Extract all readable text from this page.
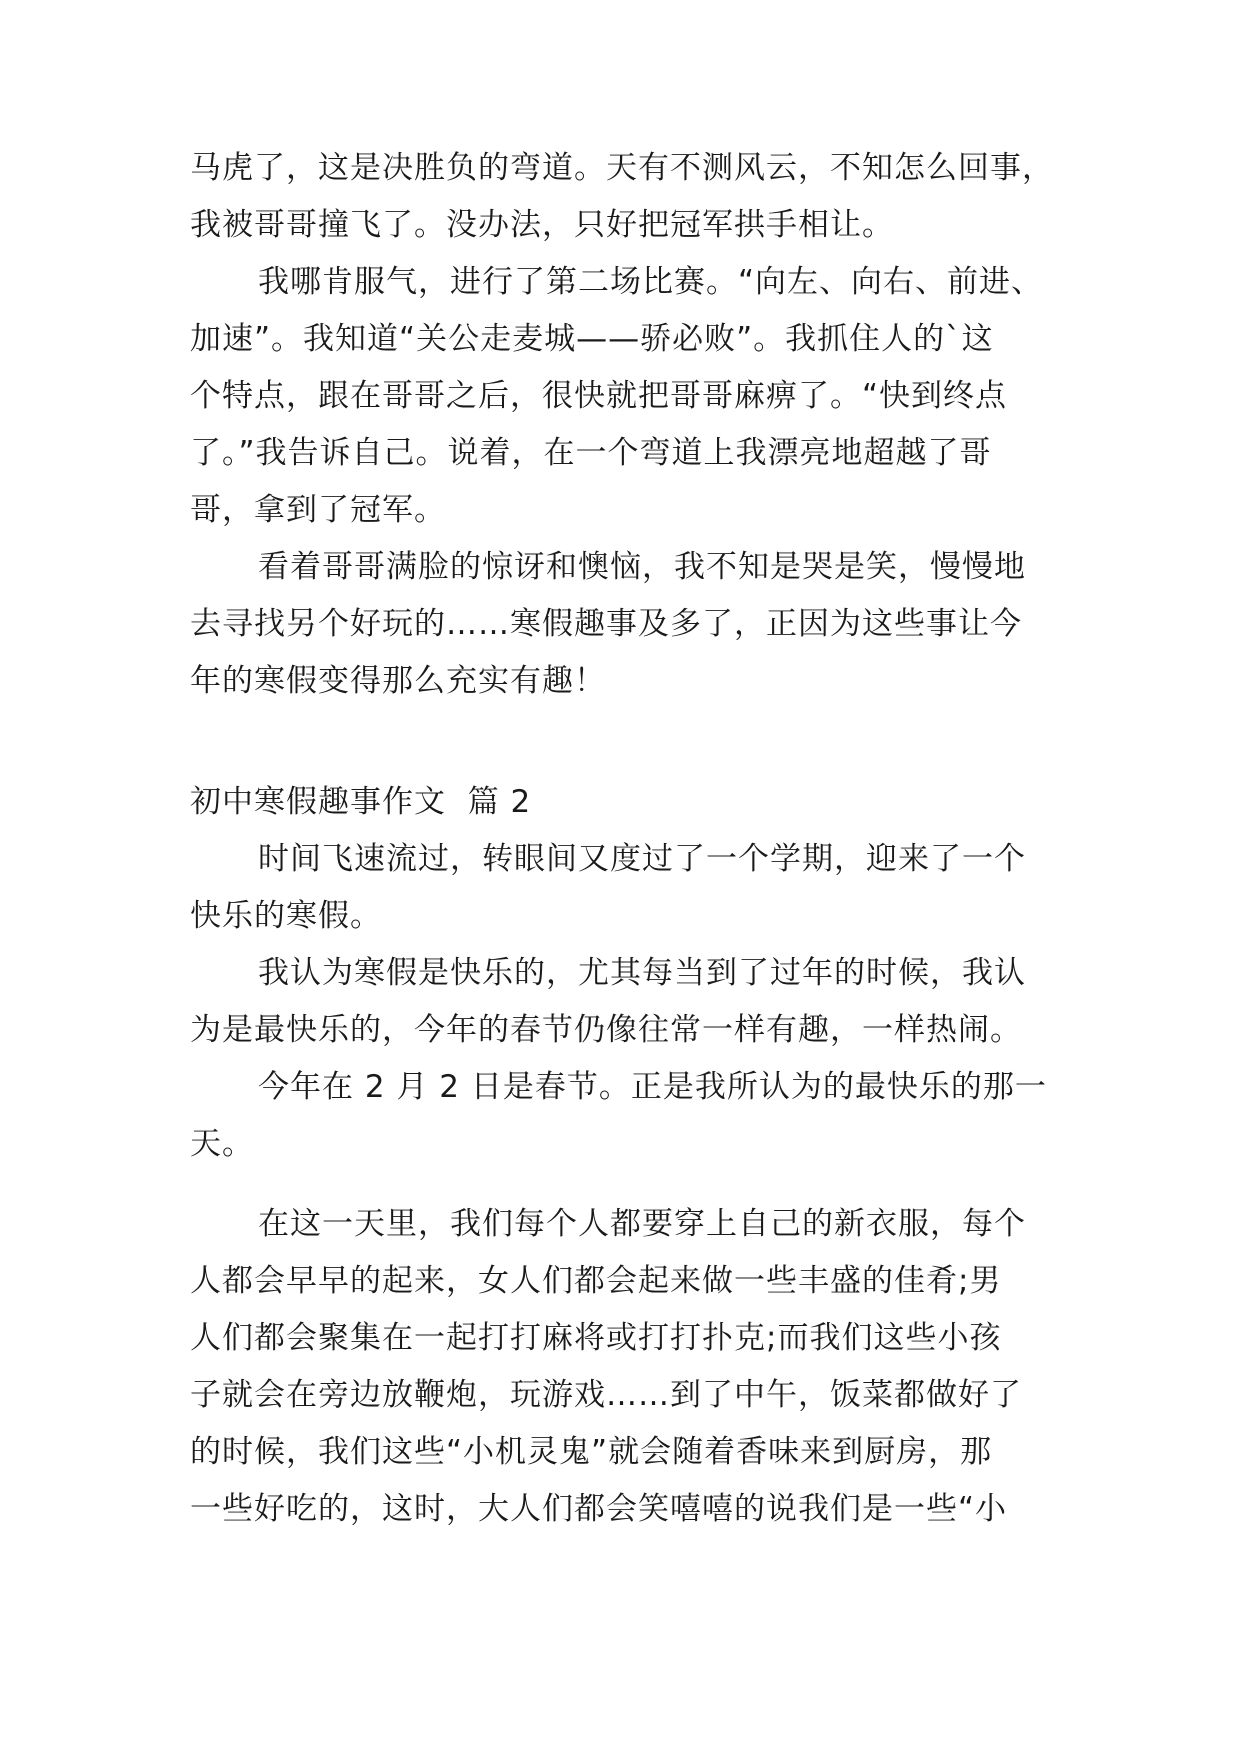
马虎了，这是决胜负的弯道。天有不测风云，不知怎么回事，

我被哥哥撞飞了。没办法，只好把冠军拱手相让。

我哪肯服气，进行了第二场比赛。“向左、向右、前进、

加速”。我知道“关公走麦城——骄必败”。我抓住人的`这

个特点，跟在哥哥之后，很快就把哥哥麻痹了。“快到终点

了。”我告诉自己。说着，在一个弯道上我漂亮地超越了哥

哥，拿到了冠军。

看着哥哥满脸的惊讶和懊恼，我不知是哭是笑，慢慢地

去寻找另个好玩的……寒假趣事及多了，正因为这些事让今

年的寒假变得那么充实有趣！

初中寒假趣事作文  篇 2

时间飞速流过，转眼间又度过了一个学期，迎来了一个

快乐的寒假。

我认为寒假是快乐的，尤其每当到了过年的时候，我认

为是最快乐的，今年的春节仍像往常一样有趣，一样热闹。

今年在 2 月 2 日是春节。正是我所认为的最快乐的那一

天。

在这一天里，我们每个人都要穿上自己的新衣服，每个

人都会早早的起来，女人们都会起来做一些丰盛的佳肴;男

人们都会聚集在一起打打麻将或打打扑克;而我们这些小孩

子就会在旁边放鞭炮，玩游戏……到了中午，饭菜都做好了

的时候，我们这些“小机灵鬼”就会随着香味来到厨房，那

一些好吃的，这时，大人们都会笑嘻嘻的说我们是一些“小
